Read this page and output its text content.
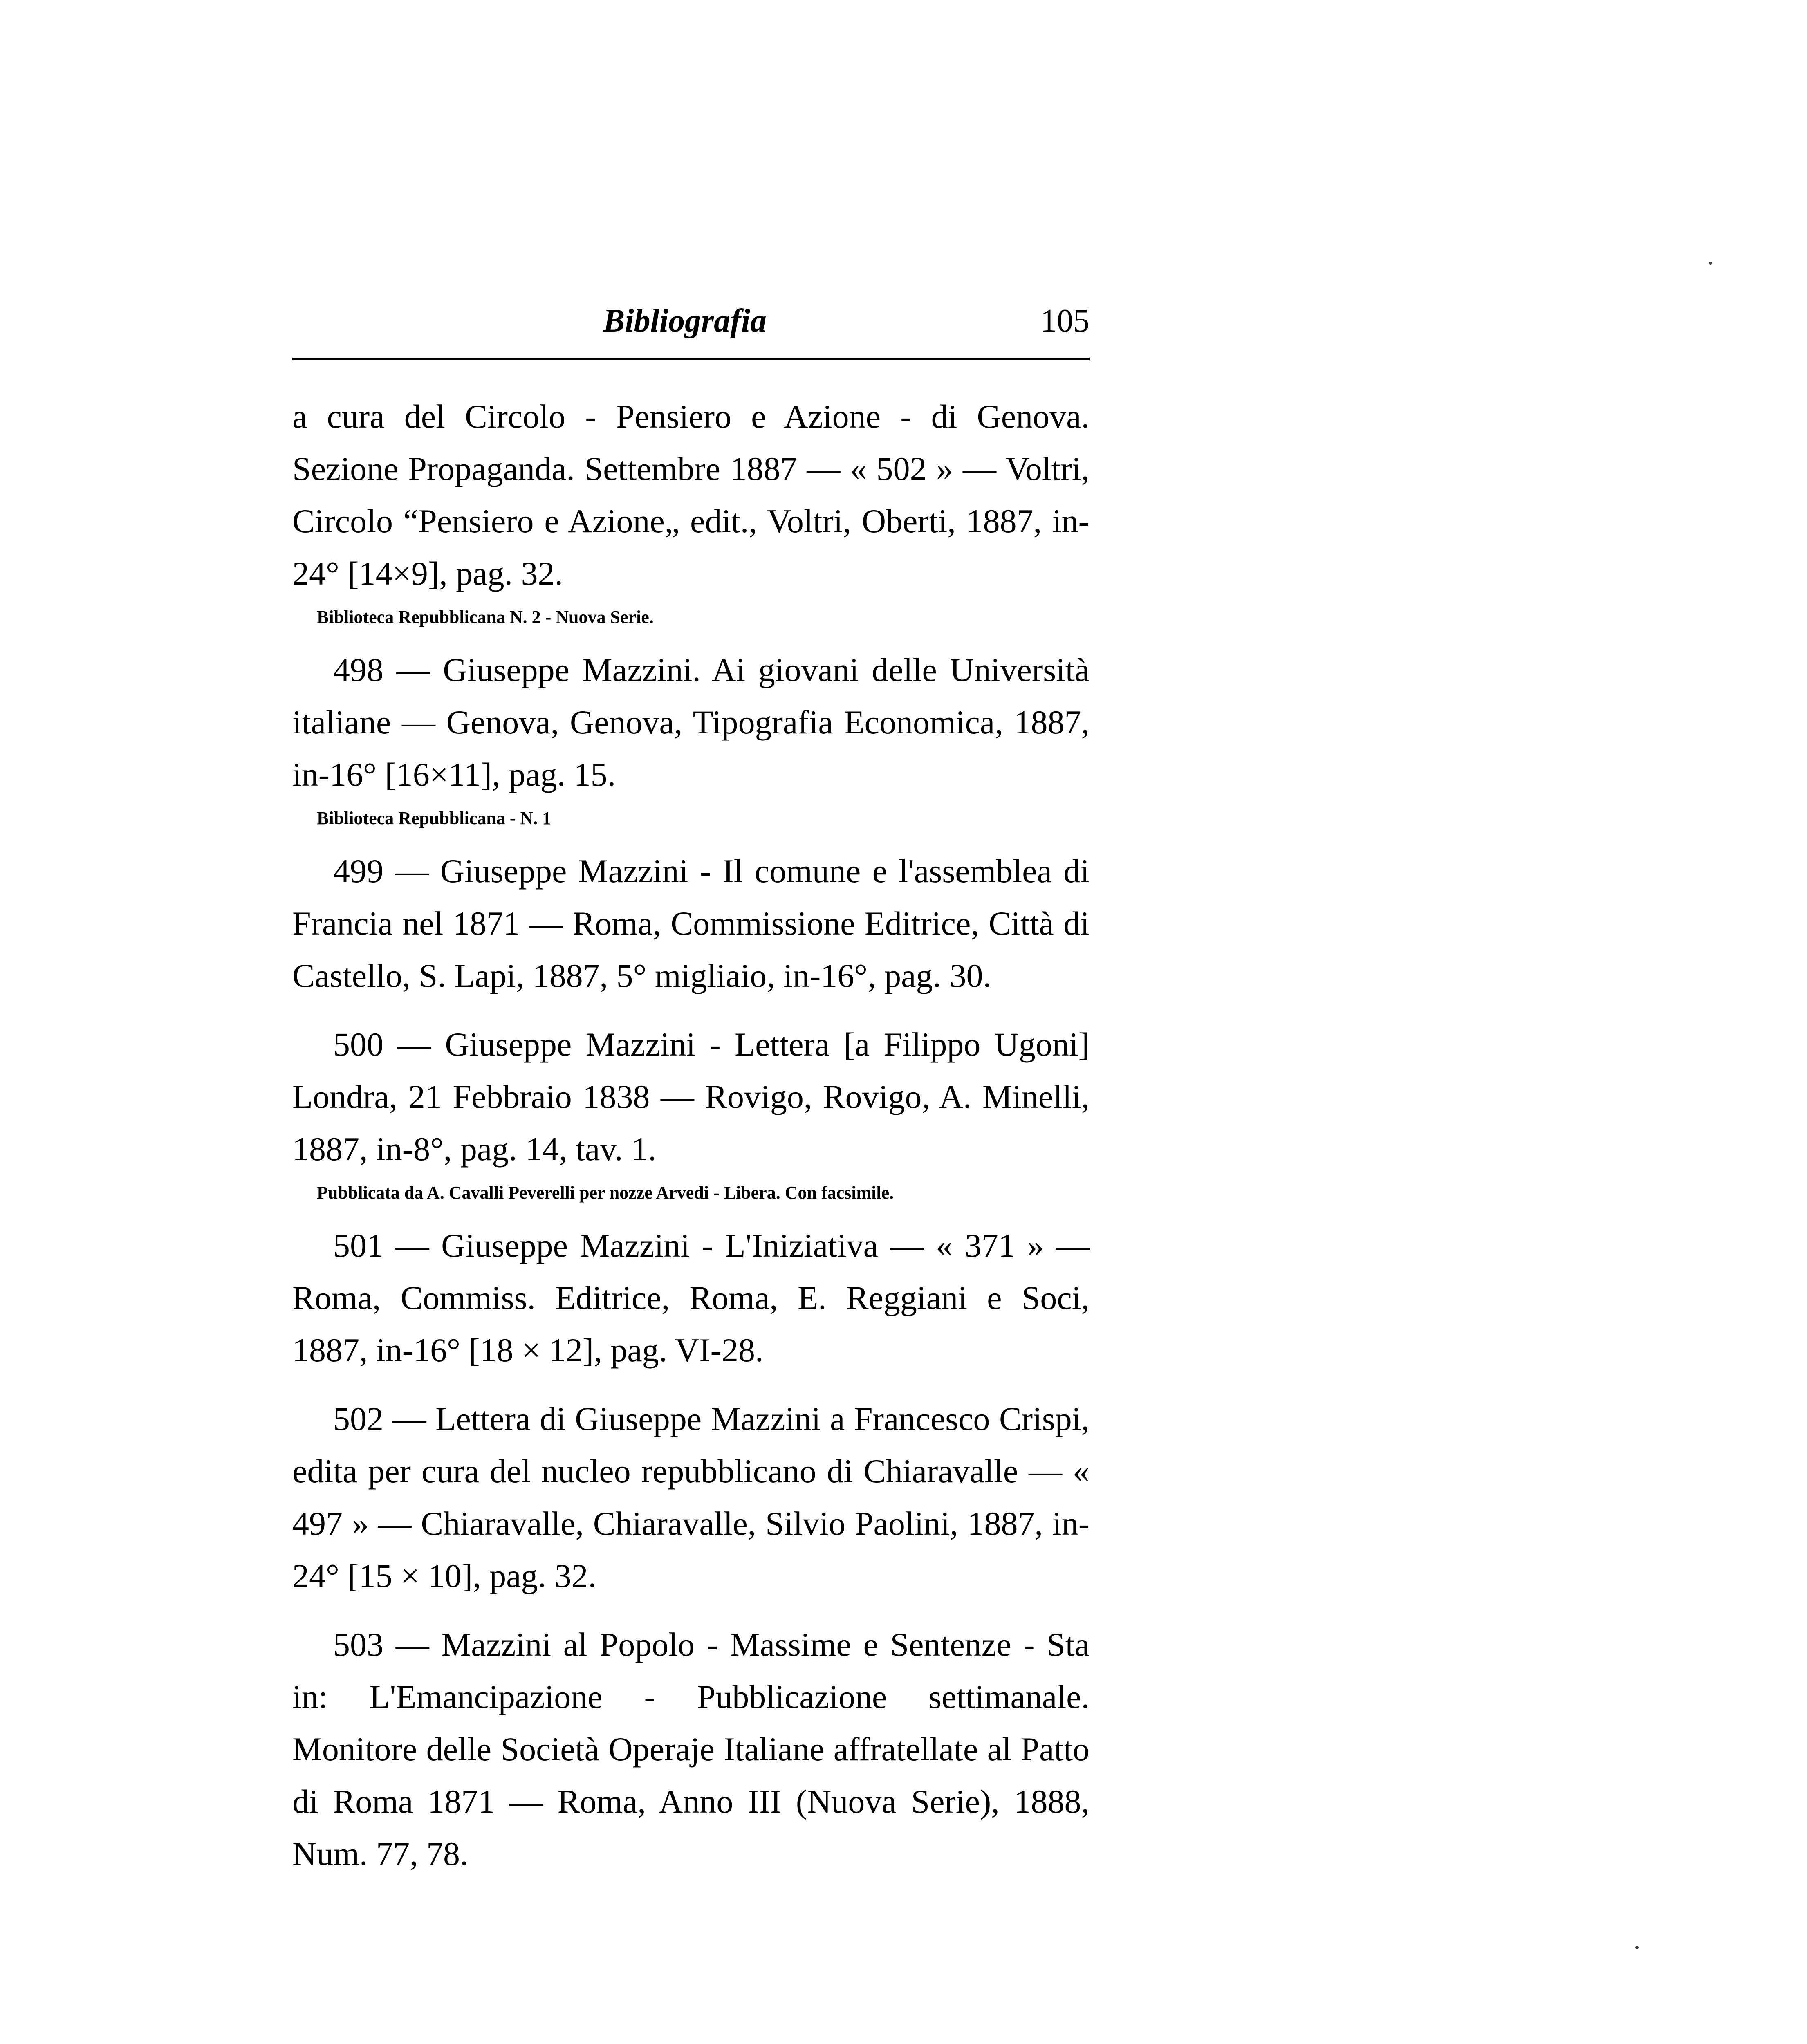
Bibliografia	105

a cura del Circolo - Pensiero e Azione - di Genova. Sezione Propaganda. Settembre 1887 — « 502 » — Voltri, Circolo “Pensiero e Azione„ edit., Voltri, Oberti, 1887, in-24° [14×9], pag. 32.

Biblioteca Repubblicana N. 2 - Nuova Serie.

498 — Giuseppe Mazzini. Ai giovani delle Università italiane — Genova, Genova, Tipografia Economica, 1887, in-16° [16×11], pag. 15.

Biblioteca Repubblicana - N. 1

499 — Giuseppe Mazzini - Il comune e l'assemblea di Francia nel 1871 — Roma, Commissione Editrice, Città di Castello, S. Lapi, 1887, 5° migliaio, in-16°, pag. 30.

500 — Giuseppe Mazzini - Lettera [a Filippo Ugoni] Londra, 21 Febbraio 1838 — Rovigo, Rovigo, A. Minelli, 1887, in-8°, pag. 14, tav. 1.

Pubblicata da A. Cavalli Peverelli per nozze Arvedi - Libera. Con facsimile.

501 — Giuseppe Mazzini - L'Iniziativa — « 371 » — Roma, Commiss. Editrice, Roma, E. Reggiani e Soci, 1887, in-16° [18 × 12], pag. VI-28.

502 — Lettera di Giuseppe Mazzini a Francesco Crispi, edita per cura del nucleo repubblicano di Chiaravalle — « 497 » — Chiaravalle, Chiaravalle, Silvio Paolini, 1887, in-24° [15 × 10], pag. 32.

503 — Mazzini al Popolo - Massime e Sentenze - Sta in: L'Emancipazione - Pubblicazione settimanale. Monitore delle Società Operaje Italiane affratellate al Patto di Roma 1871 — Roma, Anno III (Nuova Serie), 1888, Num. 77, 78.
